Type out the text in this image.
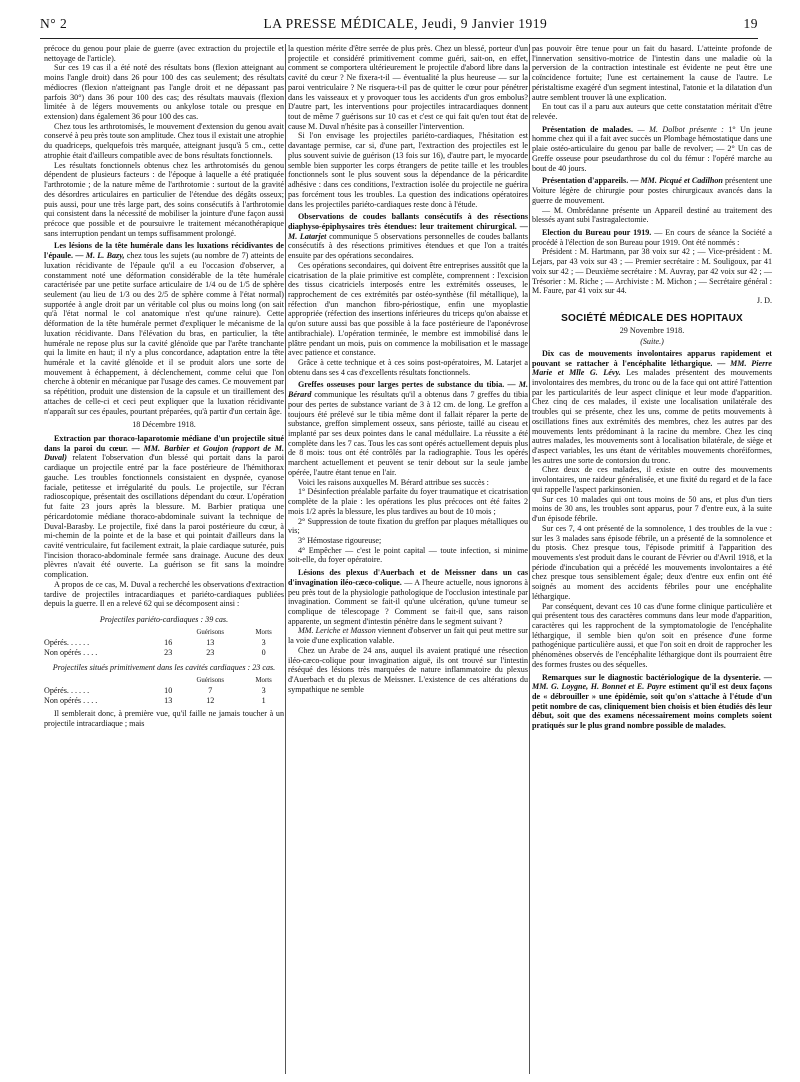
N° 2	LA PRESSE MÉDICALE, Jeudi, 9 Janvier 1919	19

précoce du genou pour plaie de guerre (avec extraction du projectile et nettoyage de l'article).

Sur ces 19 cas il a été noté des résultats bons (flexion atteignant au moins l'angle droit) dans 26 pour 100 des cas seulement; des résultats médiocres (flexion n'atteignant pas l'angle droit et ne dépassant pas parfois 30°) dans 36 pour 100 des cas; des résultats mauvais (flexion limitée à de légers mouvements ou ankylose totale ou presque en extension) dans également 36 pour 100 des cas.

Chez tous les arthrotomisés, le mouvement d'extension du genou avait conservé à peu près toute son amplitude. Chez tous il existait une atrophie du quadriceps, quelquefois très marquée, atteignant jusqu'à 5 cm., cette atrophie était d'ailleurs compatible avec de bons résultats fonctionnels.

Les résultats fonctionnels obtenus chez les arthrotomisés du genou dépendent de plusieurs facteurs : de l'époque à laquelle a été pratiquée l'arthrotomie ; de la nature même de l'arthrotomie : surtout de la gravité des désordres articulaires en particulier de l'étendue des dégâts osseux; puis aussi, pour une très large part, des soins consécutifs à l'arthrotomie qui consistent dans la nécessité de mobiliser la jointure d'une façon aussi précoce que possible et de poursuivre le traitement mécanothérapique sans interruption pendant un temps suffisamment prolongé.

Les lésions de la tête humérale dans les luxations récidivantes de l'épaule. — M. L. Bazy, chez tous les sujets (au nombre de 7) atteints de luxation récidivante de l'épaule qu'il a eu l'occasion d'observer, a constamment noté une déformation considérable de la tête humérale caractérisée par une petite surface articulaire de 1/4 ou de 1/5 de sphère seulement (au lieu de 1/3 ou des 2/5 de sphère comme à l'état normal) supportée à angle droit par un véritable col plus ou moins long (on sait qu'à l'état normal le col anatomique n'est qu'une rainure). Cette déformation de la tête humérale permet d'expliquer le mécanisme de la luxation récidivante. Dans l'élévation du bras, en particulier, la tête humérale ne repose plus sur la cavité glénoïde que par l'arête tranchante qui la limite en haut; il n'y a plus concordance, adaptation entre la tête humérale et la cavité glénoïde et il se produit alors une sorte de mouvement à échappement, à déclenchement, comme celui que l'on cherche à obtenir en mécanique par l'usage des cames. Ce mouvement par sa répétition, produit une distension de la capsule et un tiraillement des attaches de celle-ci et ceci peut expliquer que la luxation récidivante n'apparaît sur ces épaules, pourtant préparées, qu'à partir d'un certain âge.

18 Décembre 1918.

Extraction par thoraco-laparotomie médiane d'un projectile situé dans la paroi du cœur. — MM. Barbier et Goujon (rapport de M. Duval) relatent l'observation d'un blessé qui portait dans la paroi cardiaque un projectile entré par la face postérieure de l'hémithorax gauche. Les troubles fonctionnels consistaient en dyspnée, cyanose faciale, petitesse et irrégularité du pouls. Le projectile, sur l'écran radioscopique, présentait des oscillations dépendant du cœur. L'opération fut faite 23 jours après la blessure. M. Barbier pratiqua une péricardotomie médiane thoraco-abdominale suivant la technique de Duval-Barasby. Le projectile, fixé dans la paroi postérieure du cœur, à mi-chemin de la pointe et de la base et qui pointait d'ailleurs dans la cavité ventriculaire, fut facilement extrait, la plaie cardiaque suturée, puis l'incision thoraco-abdominale fermée sans drainage. Aucune des deux plèvres n'avait été ouverte. La guérison se fit sans la moindre complication.

A propos de ce cas, M. Duval a recherché les observations d'extraction tardive de projectiles intracardiaques et pariéto-cardiaques publiées depuis la guerre. Il en a relevé 62 qui se décomposent ainsi :

Projectiles pariéto-cardiaques : 39 cas.

		Guérisons	Morts
Opérés. . . . . .	16	13	3
Non opérés . . . .	23	23	0

Projectiles situés primitivement dans les cavités cardiaques : 23 cas.

		Guérisons	Morts
Opérés. . . . . .	10	7	3
Non opérés . . . .	13	12	1

Il semblerait donc, à première vue, qu'il faille ne jamais toucher à un projectile intracardiaque ; mais

la question mérite d'être serrée de plus près. Chez un blessé, porteur d'un projectile et considéré primitivement comme guéri, sait-on, en effet, comment se comportera ultérieurement le projectile d'abord libre dans la cavité du cœur ? Ne fixera-t-il — éventualité la plus heureuse — sur la paroi ventriculaire ? Ne risquera-t-il pas de quitter le cœur pour pénétrer dans les vaisseaux et y provoquer tous les accidents d'un gros embolus? D'autre part, les interventions pour projectiles intracardiaques donnent tout de même 7 guérisons sur 10 cas et c'est ce qui fait qu'en tout état de cause M. Duval n'hésite pas à conseiller l'intervention.

Si l'on envisage les projectiles pariéto-cardiaques, l'hésitation est davantage permise, car si, d'une part, l'extraction des projectiles est le plus souvent suivie de guérison (13 fois sur 16), d'autre part, le myocarde semble bien supporter les corps étrangers de petite taille et les troubles fonctionnels sont le plus souvent sous la dépendance de la péricardite adhésive : dans ces conditions, l'extraction isolée du projectile ne guérira pas forcément tous les troubles. La question des indications opératoires dans les projectiles pariéto-cardiaques reste donc à l'étude.

Observations de coudes ballants consécutifs à des résections diaphyso-épiphysaires très étendues: leur traitement chirurgical. — M. Latarjet communique 5 observations personnelles de coudes ballants consécutifs à des résections primitives étendues et que l'on a traités ensuite par des opérations secondaires.

Ces opérations secondaires, qui doivent être entreprises aussitôt que la cicatrisation de la plaie primitive est complète, comprennent : l'excision des tissus cicatriciels interposés entre les extrémités osseuses, le rapprochement de ces extrémités par ostéo-synthèse (fil métallique), la réfection d'un manchon fibro-périostique, enfin une myoplastie appropriée (réfection des insertions inférieures du triceps qu'on abaisse et qu'on suture aussi bas que possible à la face postérieure de l'aponévrose antibrachiale). L'opération terminée, le membre est immobilisé dans le plâtre pendant un mois, puis on commence la mobilisation et le massage avec patience et constance.

Grâce à cette technique et à ces soins post-opératoires, M. Latarjet a obtenu dans ses 4 cas d'excellents résultats fonctionnels.

Greffes osseuses pour larges pertes de substance du tibia. — M. Bérard communique les résultats qu'il a obtenus dans 7 greffes du tibia pour des pertes de substance variant de 3 à 12 cm. de long. Le greffon a toujours été prélevé sur le tibia même dont il fallait réparer la perte de substance, greffon simplement osseux, sans périoste, taillé au ciseau et implanté par ses deux pointes dans le canal médullaire. La réussite a été complète dans les 7 cas. Tous les cas sont opérés actuellement depuis plus de 8 mois: tous ont été contrôlés par la radiographie. Tous les opérés marchent actuellement et peuvent se tenir debout sur la seule jambe opérée, l'autre étant tenue en l'air.

Voici les raisons auxquelles M. Bérard attribue ses succès :

1° Désinfection préalable parfaite du foyer traumatique et cicatrisation complète de la plaie : les opérations les plus précoces ont été faites 2 mois 1/2 après la blessure, les plus tardives au bout de 10 mois ;

2° Suppression de toute fixation du greffon par plaques métalliques ou vis;

3° Hémostase rigoureuse;

4° Empêcher — c'est le point capital — toute infection, si minime soit-elle, du foyer opératoire.

Lésions des plexus d'Auerbach et de Meissner dans un cas d'invagination iléo-cæco-colique. — A l'heure actuelle, nous ignorons à peu près tout de la physiologie pathologique de l'occlusion intestinale par invagination. Comment se fait-il qu'une ulcération, qu'une tumeur se complique de télescopage ? Comment se fait-il que, sans raison apparente, un segment d'intestin pénètre dans le segment suivant ?

MM. Leriche et Masson viennent d'observer un fait qui peut mettre sur la voie d'une explication valable.

Chez un Arabe de 24 ans, auquel ils avaient pratiqué une résection iléo-cæco-colique pour invagination aiguë, ils ont trouvé sur l'intestin réséqué des lésions très marquées de nature inflammatoire du plexus d'Auerbach et du plexus de Meissner. L'existence de ces altérations du sympathique ne semble

pas pouvoir être tenue pour un fait du hasard. L'atteinte profonde de l'innervation sensitivo-motrice de l'intestin dans une maladie où la perversion de la contraction intestinale est évidente ne peut être une coïncidence fortuite; l'une est certainement la cause de l'autre. Le péristaltisme exagéré d'un segment intestinal, l'atonie et la dilatation d'un autre semblent trouver là une explication.

En tout cas il a paru aux auteurs que cette constatation méritait d'être relevée.

Présentation de malades. — M. Dolbot présente : 1° Un jeune homme chez qui il a fait avec succès un Plombage hémostatique dans une plaie ostéo-articulaire du genou par balle de revolver; — 2° Un cas de Greffe osseuse pour pseudarthrose du col du fémur : l'opéré marche au bout de 40 jours.

Présentation d'appareils. — MM. Picqué et Cadilhon présentent une Voiture légère de chirurgie pour postes chirurgicaux avancés dans la guerre de mouvement.

— M. Ombrédanne présente un Appareil destiné au traitement des blessés ayant subi l'astragalectomie.

Election du Bureau pour 1919. — En cours de séance la Société a procédé à l'élection de son Bureau pour 1919. Ont été nommés :

Président : M. Hartmann, par 38 voix sur 42 ; — Vice-président : M. Lejars, par 43 voix sur 43 ; — Premier secrétaire : M. Souligoux, par 41 voix sur 42 ; — Deuxième secrétaire : M. Auvray, par 42 voix sur 42 ; — Trésorier : M. Riche ; — Archiviste : M. Michon ; — Secrétaire général : M. Faure, par 41 voix sur 44.

J. D.

SOCIÉTÉ MÉDICALE DES HOPITAUX

29 Novembre 1918.

(Suite.)

Dix cas de mouvements involontaires apparus rapidement et pouvant se rattacher à l'encéphalite léthargique. — MM. Pierre Marie et Mlle G. Lévy. Les malades présentent des mouvements involontaires des membres, du tronc ou de la face qui ont attiré l'attention par les particularités de leur aspect clinique et leur mode d'apparition. Chez cinq de ces malades, il existe une localisation unilatérale des troubles qui se présente, chez les uns, comme de petits mouvements à oscillations fines aux extrémités des membres, chez les autres par des mouvements lents prédominant à la racine du membre. Chez les cinq autres malades, les mouvements sont à localisation bilatérale, de siège et d'aspect variables, les uns étant de véritables mouvements choréiformes, les autres une sorte de contorsion du tronc.

Chez deux de ces malades, il existe en outre des mouvements involontaires, une raideur généralisée, et une fixité du regard et de la face qui rappelle l'aspect parkinsonien.

Sur ces 10 malades qui ont tous moins de 50 ans, et plus d'un tiers moins de 30 ans, les troubles sont apparus, pour 7 d'entre eux, à la suite d'un épisode fébrile.

Sur ces 7, 4 ont présenté de la somnolence, 1 des troubles de la vue : sur les 3 malades sans épisode fébrile, un a présenté de la somnolence et du ptosis. Chez presque tous, l'épisode primitif à l'apparition des mouvements s'est produit dans le courant de Février ou d'Avril 1918, et la période d'incubation qui a précédé les mouvements involontaires a été chez presque tous sensiblement égale; deux d'entre eux enfin ont été soignés au moment des accidents fébriles pour une encéphalite léthargique.

Par conséquent, devant ces 10 cas d'une forme clinique particulière et qui présentent tous des caractères communs dans leur mode d'apparition, caractères qui les rapprochent de la symptomatologie de l'encéphalite léthargique, il semble bien qu'on soit en présence d'une forme pathogénique particulière aussi, et que l'on soit en droit de rapprocher les phénomènes observés de l'encéphalite léthargique dont ils pourraient être des formes frustes ou des séquelles.

Remarques sur le diagnostic bactériologique de la dysenterie. — MM. G. Loygne, H. Bonnet et E. Payre estiment qu'il est deux façons de « débrouiller » une épidémie, soit qu'on s'attache à l'étude d'un petit nombre de cas, cliniquement bien choisis et bien étudiés dès leur début, soit que des examens nécessairement moins complets soient pratiqués sur le plus grand nombre possible de malades.
